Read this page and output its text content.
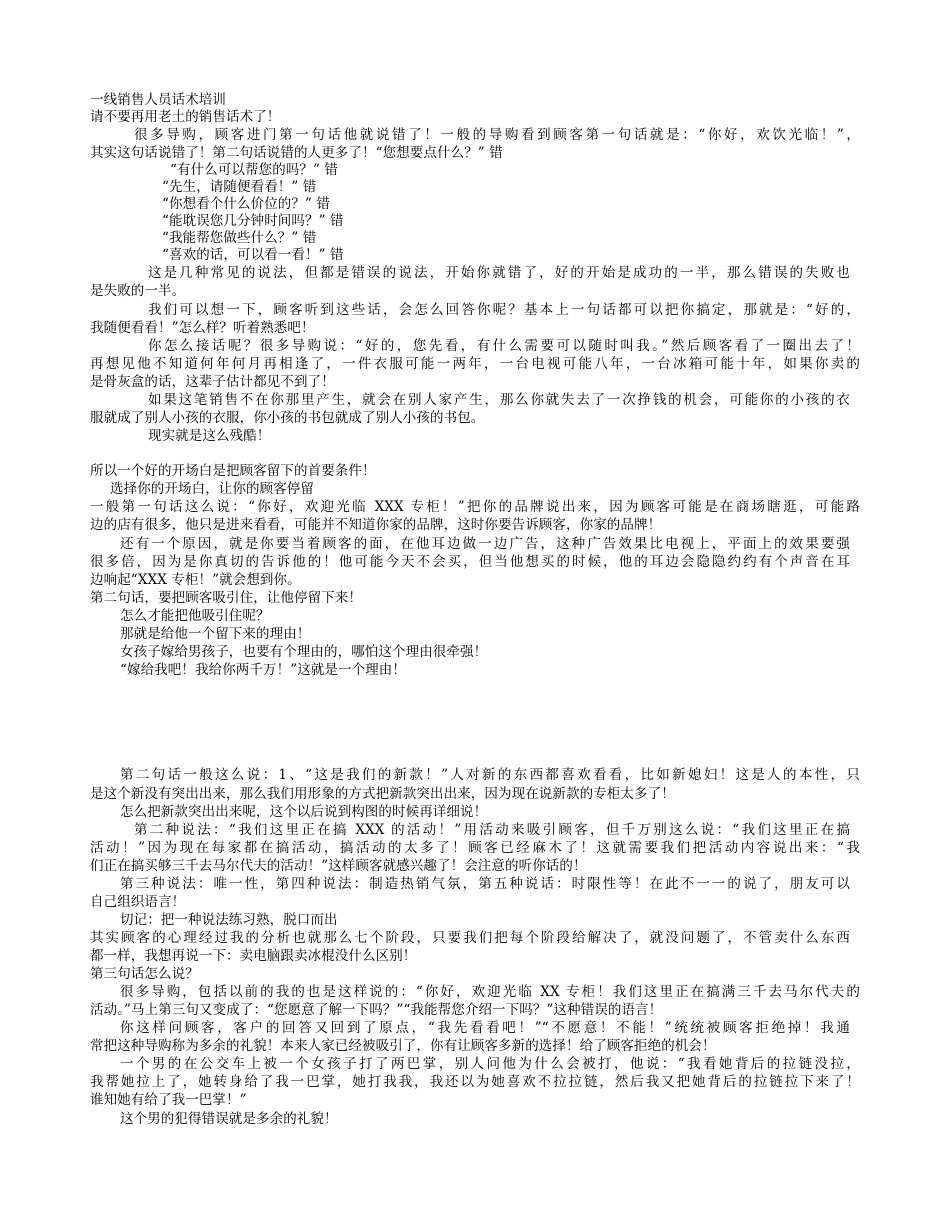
一线销售人员话术培训
请不要再用老土的销售话术了！
很多导购，顾客进门第一句话他就说错了！一般的导购看到顾客第一句话就是：“你好，欢饮光临！”，
其实这句话说错了！第二句话说错的人更多了！“您想要点什么？” 错
“有什么可以帮您的吗？” 错
“先生，请随便看看！” 错
“你想看个什么价位的？” 错
“能耽误您几分钟时间吗？” 错
“我能帮您做些什么？” 错
“喜欢的话，可以看一看！” 错
这是几种常见的说法，但都是错误的说法，开始你就错了，好的开始是成功的一半，那么错误的失败也
是失败的一半。
我们可以想一下，顾客听到这些话，会怎么回答你呢？基本上一句话都可以把你搞定，那就是：“好的，
我随便看看！”怎么样？听着熟悉吧！
你怎么接话呢？很多导购说：“好的，您先看，有什么需要可以随时叫我。”然后顾客看了一圈出去了！
再想见他不知道何年何月再相逢了，一件衣服可能一两年，一台电视可能八年，一台冰箱可能十年，如果你卖的
是骨灰盒的话，这辈子估计都见不到了！
如果这笔销售不在你那里产生，就会在别人家产生，那么你就失去了一次挣钱的机会，可能你的小孩的衣
服就成了别人小孩的衣服，你小孩的书包就成了别人小孩的书包。
现实就是这么残酷！
所以一个好的开场白是把顾客留下的首要条件！
选择你的开场白，让你的顾客停留
一般第一句话这么说：“你好，欢迎光临 XXX 专柜！”把你的品牌说出来，因为顾客可能是在商场瞎逛，可能路
边的店有很多，他只是进来看看，可能并不知道你家的品牌，这时你要告诉顾客，你家的品牌！
还有一个原因，就是你要当着顾客的面，在他耳边做一边广告，这种广告效果比电视上，平面上的效果要强
很多倍，因为是你真切的告诉他的！他可能今天不会买，但当他想买的时候，他的耳边会隐隐约约有个声音在耳
边响起“XXX 专柜！”就会想到你。
第二句话，要把顾客吸引住，让他停留下来！
怎么才能把他吸引住呢？
那就是给他一个留下来的理由！
女孩子嫁给男孩子，也要有个理由的，哪怕这个理由很牵强！
“嫁给我吧！我给你两千万！”这就是一个理由！
第二句话一般这么说：1、“这是我们的新款！”人对新的东西都喜欢看看，比如新媳妇！这是人的本性，只
是这个新没有突出出来，那么我们用形象的方式把新款突出出来，因为现在说新款的专柜太多了！
怎么把新款突出出来呢，这个以后说到构图的时候再详细说！
第二种说法：“我们这里正在搞 XXX 的活动！”用活动来吸引顾客，但千万别这么说：“我们这里正在搞
活动！”因为现在每家都在搞活动，搞活动的太多了！顾客已经麻木了！这就需要我们把活动内容说出来：“我
们正在搞买够三千去马尔代夫的活动！”这样顾客就感兴趣了！会注意的听你话的！
第三种说法：唯一性，第四种说法：制造热销气氛，第五种说话：时限性等！在此不一一的说了，朋友可以
自己组织语言！
切记：把一种说法练习熟，脱口而出
其实顾客的心理经过我的分析也就那么七个阶段，只要我们把每个阶段给解决了，就没问题了，不管卖什么东西
都一样，我想再说一下：卖电脑跟卖冰棍没什么区别！
第三句话怎么说？
很多导购，包括以前的我的也是这样说的：“你好，欢迎光临 XX 专柜！我们这里正在搞满三千去马尔代夫的
活动。”马上第三句又变成了：“您愿意了解一下吗？”“我能帮您介绍一下吗？”这种错误的语言！
你这样问顾客，客户的回答又回到了原点，“我先看看吧！”“不愿意！不能！”统统被顾客拒绝掉！我通
常把这种导购称为多余的礼貌！本来人家已经被吸引了，你有让顾客多新的选择！给了顾客拒绝的机会！
一个男的在公交车上被一个女孩子打了两巴掌，别人问他为什么会被打，他说：“我看她背后的拉链没拉，
我帮她拉上了，她转身给了我一巴掌，她打我我，我还以为她喜欢不拉拉链，然后我又把她背后的拉链拉下来了！
谁知她有给了我一巴掌！”
这个男的犯得错误就是多余的礼貌！
